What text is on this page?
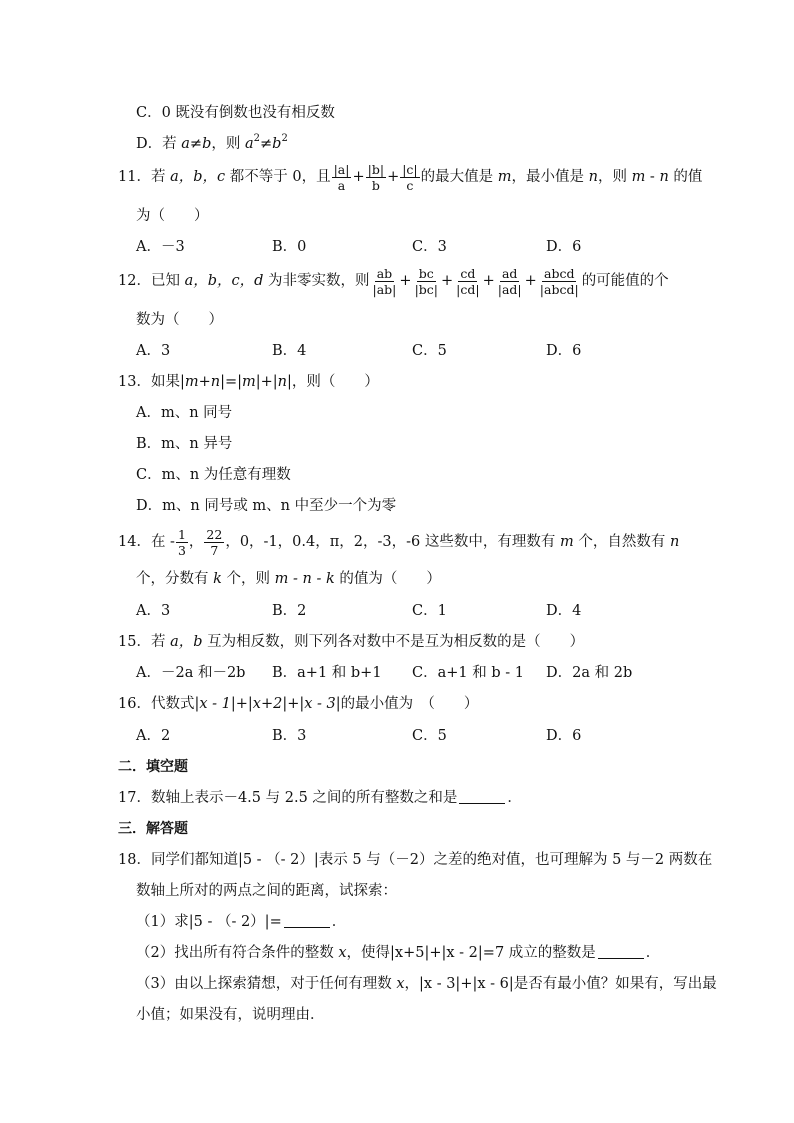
C．0 既没有倒数也没有相反数
D．若 a≠b，则 $a^2\ne b^2$
11．若 a，b，c 都不等于 0，且 $\frac{|a|}{a} + \frac{|b|}{b} + \frac{|c|}{c}$ 的最大值是 m，最小值是 n，则 m - n 的值
为（　　）
A．－3	B．0	C．3	D．6
12．已知 a，b，c，d 为非零实数，则 $\frac{ab}{|ab|} + \frac{bc}{|bc|} + \frac{cd}{|cd|} + \frac{ad}{|ad|} + \frac{\text{abcd}}{\text{|abcd|}}$ 的可能值的个
数为（　　）
A．3	B．4	C．5	D．6
13．如果|m+n|=|m|+|n|，则（　　）
A．m、n 同号
B．m、n 异号
C．m、n 为任意有理数
D．m、n 同号或 m、n 中至少一个为零
14．在 - $\frac{1}{3}$ ， $\frac{22}{7}$ ，0，-1，0.4，π，2，-3，-6 这些数中，有理数有 m 个，自然数有 n
个，分数有 k 个，则 m - n - k 的值为（　　）
A．3	B．2	C．1	D．4
15．若 a，b 互为相反数，则下列各对数中不是互为相反数的是（　　）
A．－2a 和－2b B．a+1 和 b+1 C．a+1 和 b - 1 D．2a 和 2b
16．代数式|x - 1|+|x+2|+|x - 3|的最小值为　（　　）
A．2	B．3	C．5	D．6
二．填空题
17．数轴上表示－4.5 与 2.5 之间的所有整数之和是	．
三．解答题
18．同学们都知道|5 - （- 2）|表示 5 与（－2）之差的绝对值，也可理解为 5 与－2 两数在
数轴上所对的两点之间的距离，试探索：
（1）求|5 - （- 2）|=	．
（2）找出所有符合条件的整数 x，使得|x+5|+|x - 2|=7 成立的整数是	．
（3）由以上探索猜想，对于任何有理数 x，|x - 3|+|x - 6|是否有最小值？如果有，写出最
小值；如果没有，说明理由．
